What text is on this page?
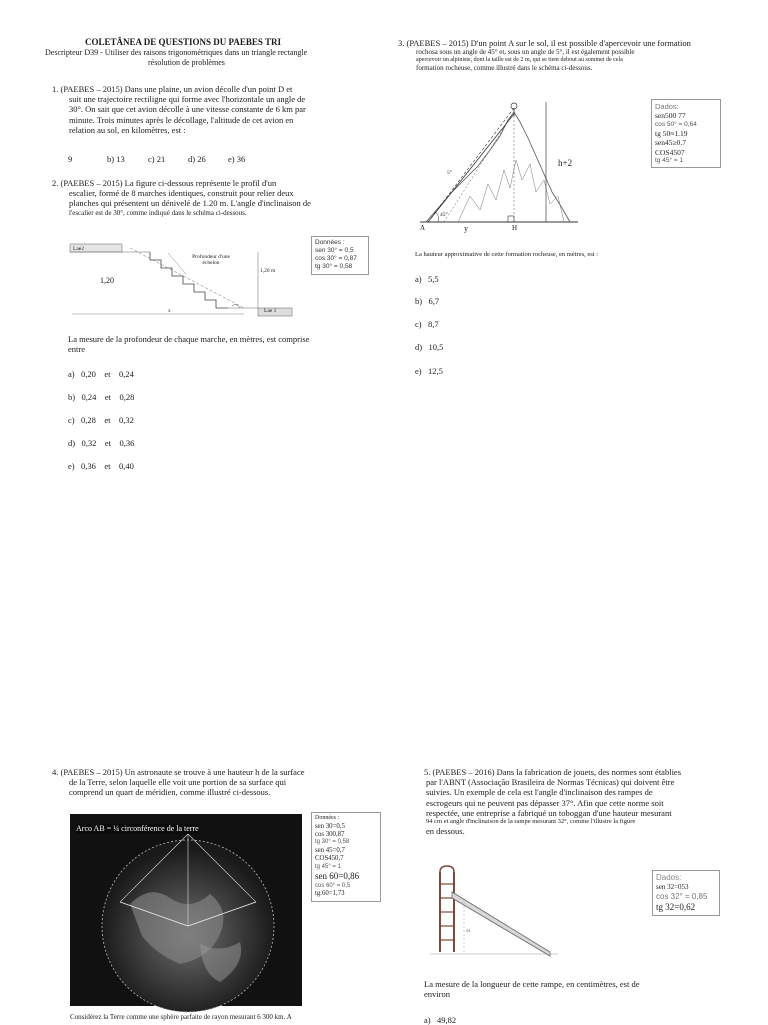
COLETÂNEA DE QUESTIONS DU PAEBES TRI
Descripteur D39 - Utiliser des raisons trigonométriques dans un triangle rectangle
résolution de problèmes
1. (PAEBES – 2015) Dans une plaine, un avion décolle d'un point D et
suit une trajectoire rectiligne qui forme avec l'horizontale un angle de
30°. On sait que cet avion décolle à une vitesse constante de 6 km par
minute. Trois minutes après le décollage, l'altitude de cet avion en
relation au sol, en kilomètres, est :
9	b) 13	c) 21	d) 26	e) 36
2. (PAEBES – 2015) La figure ci-dessous représente le profil d'un
escalier, formé de 8 marches identiques, construit pour relier deux
planches qui présentent un dénivelé de 1.20 m. L'angle d'inclinaison de
l'escalier est de 30°, comme indiqué dans le schéma ci-dessous.
Lae2
Profondeur d'une échelon
1,20
1,20 m
x	Lae 1
Données :
sen 30° = 0,5
cos 30° = 0,87
tg 30° = 0,58
La mesure de la profondeur de chaque marche, en mètres, est comprise
entre
a)   0,20    et    0,24
b)   0,24    et    0,28
c)   0,28    et    0,32
d)   0,32    et    0,36
e)   0,36    et    0,40
3. (PAEBES – 2015) D'un point A sur le sol, il est possible d'apercevoir une formation
rochosa sous un angle de 45° et, sous un angle de 5°, il est également possible
apercevoir un alpiniste, dont la taille est de 2 m, qui se tient debout au sommet de cela
formation rocheuse, comme illustré dans le schéma ci-dessous.
A	y	H
h+2
45°
5°
Dados:
sen500 77
cos 50° = 0,64
tg 50≈1.19
sen45≥0.7
COS4507
tg 45° = 1
La hauteur approximative de cette formation rocheuse, en mètres, est :
a)   5,5
b)   6,7
c)   8,7
d)   10,5
e)   12,5
4. (PAEBES – 2015) Un astronaute se trouve à une hauteur h de la surface
de la Terre, selon laquelle elle voit une portion de sa surface qui
comprend un quart de méridien, comme illustré ci-dessous.
Arco AB = ¼ circonférence de la terre
Données :
sen 30=0,5
cos 300,87
tg 30° = 0,58
sen 45=0,7
COS450,7
tg 45° = 1
sen 60=0,86
cos 60° = 0,5
tg.60=1,73
Considérez la Terre comme une sphère parfaite de rayon mesurant 6 300 km. A
5. (PAEBES – 2016) Dans la fabrication de jouets, des normes sont établies
par l'ABNT (Associação Brasileira de Normas Técnicas) qui doivent être
suivies. Un exemple de cela est l'angle d'inclinaison des rampes de
escrogeurs qui ne peuvent pas dépasser 37°. Afin que cette norme soit
respectée, une entreprise a fabriqué un toboggan d'une hauteur mesurant
94 cm et angle d'inclinaison de la rampe mesurant 32°, comme l'illustre la figure
en dessous.
94
Dados:
sen 32=053
cos 32° = 0,85
tg 32=0,62
La mesure de la longueur de cette rampe, en centimètres, est de
environ
a)   49,82
